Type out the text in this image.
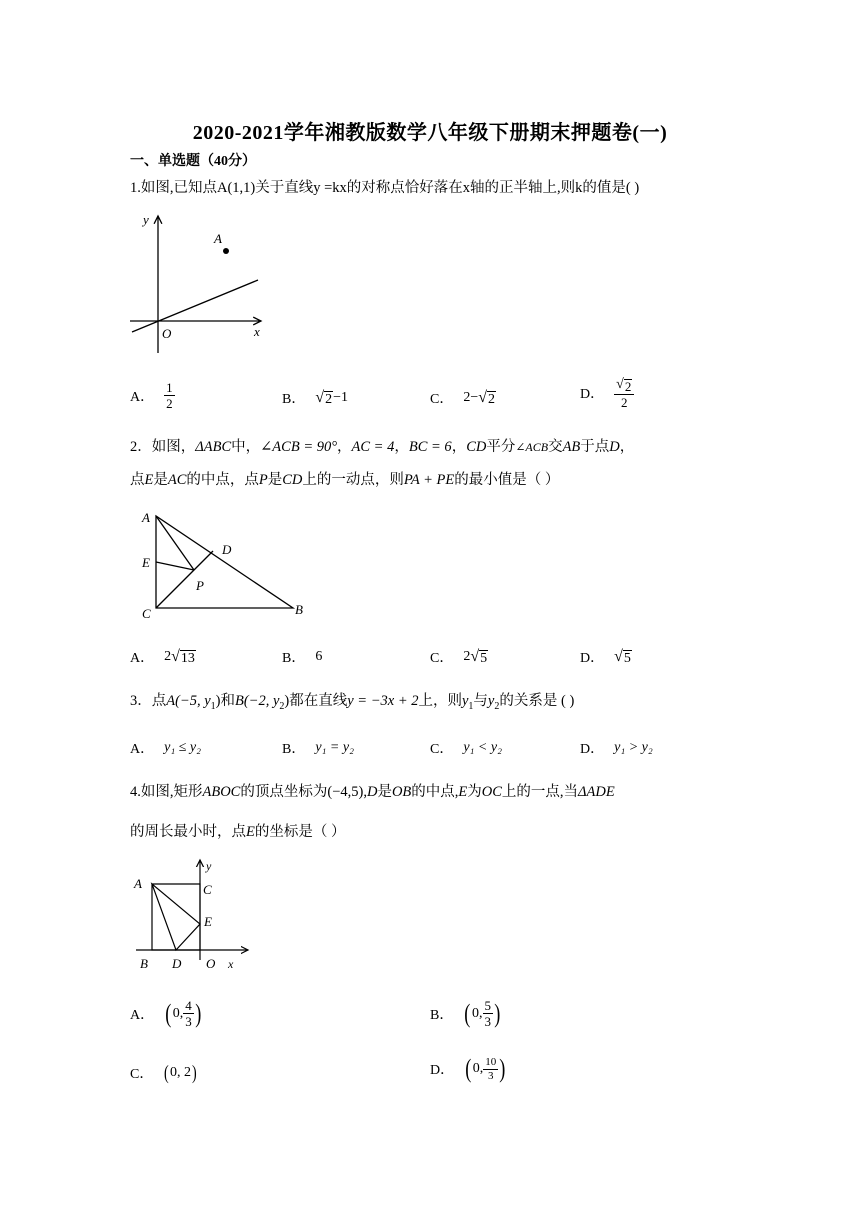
2020-2021学年湘教版数学八年级下册期末押题卷(一)
一、单选题（40分）
1.如图,已知点A(1,1)关于直线y =kx的对称点恰好落在x轴的正半轴上,则k的值是( )
y
A
O	x
A． $\frac{1}{2}$	B． √ 2 −1	C． 2− √ 2	D． $\frac{√ 2}{2}$
2．如图，ΔABC中，∠ACB = 90°，AC = 4，BC = 6，CD平分∠ACB交AB于点D，
点E是AC的中点，点P是CD上的一动点，则PA + PE的最小值是（ ）
A
E
D
P
C	B
A． 2 √ 13	B． 6	C． 2 √ 5	D． √ 5
3．点A(−5, $y_1$)和B(−2, $y_2$)都在直线y = −3x + 2上，则$y_1$与$y_2$的关系是 ( )
A． y₁ ≤ y₂	B． y₁ = y₂	C． y₁ < y₂	D． y₁ > y₂
4.如图,矩形ABOC的顶点坐标为(−4,5),D是OB的中点,E为OC上的一点,当ΔADE
的周长最小时，点E的坐标是（ ）
A	C
y
E
B D O x
A． ( 0, $\frac{4}{3}$ )	B． ( 0, $\frac{5}{3}$ )
C． ( 0, 2 )	D． ( 0, $\frac{10}{3}$ )
